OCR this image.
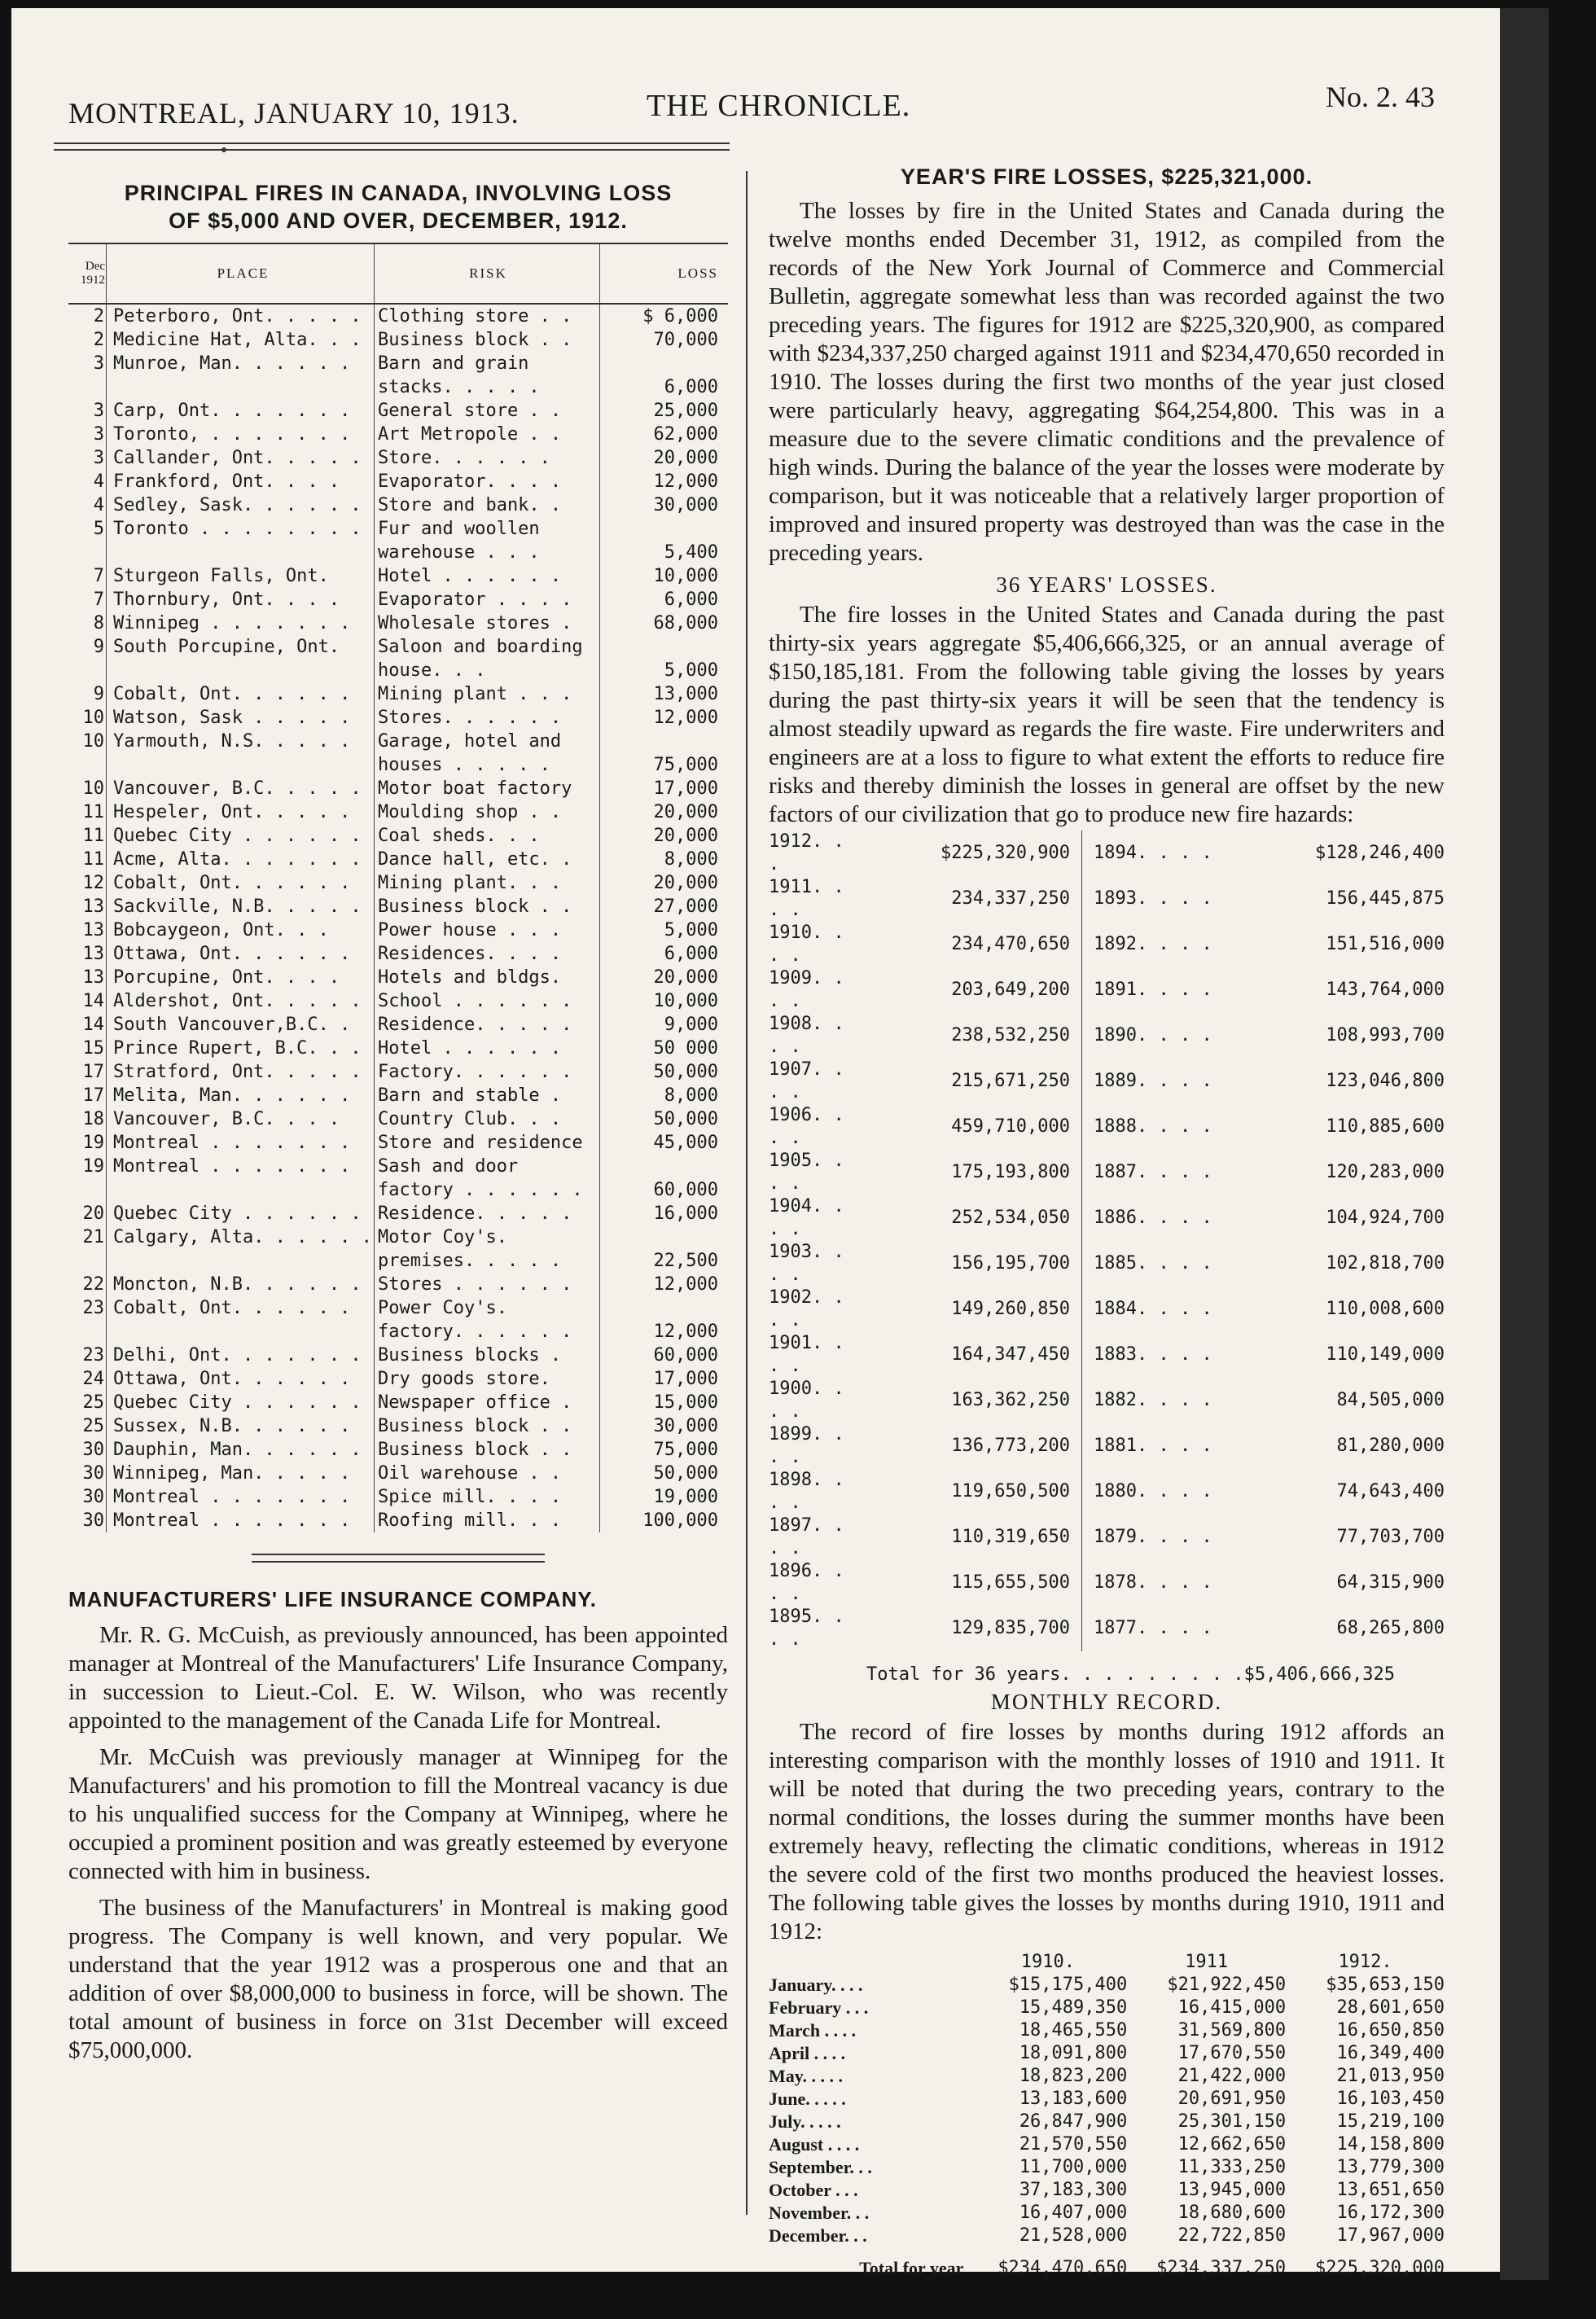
MONTREAL, JANUARY 10, 1913.	THE CHRONICLE.	No. 2. 43
PRINCIPAL FIRES IN CANADA, INVOLVING LOSS
OF $5,000 AND OVER, DECEMBER, 1912.
Dec 1912	PLACE	RISK	LOSS
2	Peterboro, Ont. . . . .	Clothing store . .	$ 6,000
2	Medicine Hat, Alta. . .	Business block . .	70,000
3	Munroe, Man. . . . . .	Barn and grain stacks. . . . .	6,000
3	Carp, Ont. . . . . . .	General store . .	25,000
3	Toronto, . . . . . . .	Art Metropole . .	62,000
3	Callander, Ont. . . . .	Store. . . . . .	20,000
4	Frankford, Ont. . . .	Evaporator. . . .	12,000
4	Sedley, Sask. . . . . .	Store and bank. .	30,000
5	Toronto . . . . . . . .	Fur and woollen warehouse . . .	5,400
7	Sturgeon Falls, Ont.	Hotel . . . . . .	10,000
7	Thornbury, Ont. . . .	Evaporator . . . .	6,000
8	Winnipeg . . . . . . .	Wholesale stores .	68,000
9	South Porcupine, Ont.	Saloon and boarding house. . .	5,000
9	Cobalt, Ont. . . . . .	Mining plant . . .	13,000
10	Watson, Sask . . . . .	Stores. . . . . .	12,000
10	Yarmouth, N.S. . . . .	Garage, hotel and houses . . . . .	75,000
10	Vancouver, B.C. . . . .	Motor boat factory	17,000
11	Hespeler, Ont. . . . .	Moulding shop . .	20,000
11	Quebec City . . . . . .	Coal sheds. . .	20,000
11	Acme, Alta. . . . . . .	Dance hall, etc. .	8,000
12	Cobalt, Ont. . . . . .	Mining plant. . .	20,000
13	Sackville, N.B. . . . .	Business block . .	27,000
13	Bobcaygeon, Ont. . .	Power house . . .	5,000
13	Ottawa, Ont. . . . . .	Residences. . . .	6,000
13	Porcupine, Ont. . . .	Hotels and bldgs.	20,000
14	Aldershot, Ont. . . . .	School . . . . . .	10,000
14	South Vancouver,B.C. .	Residence. . . . .	9,000
15	Prince Rupert, B.C. . .	Hotel . . . . . .	50 000
17	Stratford, Ont. . . . .	Factory. . . . . .	50,000
17	Melita, Man. . . . . .	Barn and stable .	8,000
18	Vancouver, B.C. . . .	Country Club. . .	50,000
19	Montreal . . . . . . .	Store and residence	45,000
19	Montreal . . . . . . .	Sash and door factory . . . . . .	60,000
20	Quebec City . . . . . .	Residence. . . . .	16,000
21	Calgary, Alta. . . . . .	Motor Coy's. premises. . . . .	22,500
22	Moncton, N.B. . . . . .	Stores . . . . . .	12,000
23	Cobalt, Ont. . . . . .	Power Coy's. factory. . . . . .	12,000
23	Delhi, Ont. . . . . . .	Business blocks .	60,000
24	Ottawa, Ont. . . . . .	Dry goods store.	17,000
25	Quebec City . . . . . .	Newspaper office .	15,000
25	Sussex, N.B. . . . . .	Business block . .	30,000
30	Dauphin, Man. . . . . .	Business block . .	75,000
30	Winnipeg, Man. . . . .	Oil warehouse . .	50,000
30	Montreal . . . . . . .	Spice mill. . . .	19,000
30	Montreal . . . . . . .	Roofing mill. . .	100,000
MANUFACTURERS' LIFE INSURANCE COMPANY.

Mr. R. G. McCuish, as previously announced, has been appointed manager at Montreal of the Manufacturers' Life Insurance Company, in succession to Lieut.-Col. E. W. Wilson, who was recently appointed to the management of the Canada Life for Montreal.

Mr. McCuish was previously manager at Winnipeg for the Manufacturers' and his promotion to fill the Montreal vacancy is due to his unqualified success for the Company at Winnipeg, where he occupied a prominent position and was greatly esteemed by everyone connected with him in business.

The business of the Manufacturers' in Montreal is making good progress. The Company is well known, and very popular. We understand that the year 1912 was a prosperous one and that an addition of over $8,000,000 to business in force, will be shown. The total amount of business in force on 31st December will exceed $75,000,000.

YEAR'S FIRE LOSSES, $225,321,000.

The losses by fire in the United States and Canada during the twelve months ended December 31, 1912, as compiled from the records of the New York Journal of Commerce and Commercial Bulletin, aggregate somewhat less than was recorded against the two preceding years. The figures for 1912 are $225,320,900, as compared with $234,337,250 charged against 1911 and $234,470,650 recorded in 1910. The losses during the first two months of the year just closed were particularly heavy, aggregating $64,254,800. This was in a measure due to the severe climatic conditions and the prevalence of high winds. During the balance of the year the losses were moderate by comparison, but it was noticeable that a relatively larger proportion of improved and insured property was destroyed than was the case in the preceding years.

36 YEARS' LOSSES.

The fire losses in the United States and Canada during the past thirty-six years aggregate $5,406,666,325, or an annual average of $150,185,181. From the following table giving the losses by years during the past thirty-six years it will be seen that the tendency is almost steadily upward as regards the fire waste. Fire underwriters and engineers are at a loss to figure to what extent the efforts to reduce fire risks and thereby diminish the losses in general are offset by the new factors of our civilization that go to produce new fire hazards:

1912. . .	$225,320,900	1894. . . .	$128,246,400
1911. . . .	234,337,250	1893. . . .	156,445,875
1910. . . .	234,470,650	1892. . . .	151,516,000
1909. . . .	203,649,200	1891. . . .	143,764,000
1908. . . .	238,532,250	1890. . . .	108,993,700
1907. . . .	215,671,250	1889. . . .	123,046,800
1906. . . .	459,710,000	1888. . . .	110,885,600
1905. . . .	175,193,800	1887. . . .	120,283,000
1904. . . .	252,534,050	1886. . . .	104,924,700
1903. . . .	156,195,700	1885. . . .	102,818,700
1902. . . .	149,260,850	1884. . . .	110,008,600
1901. . . .	164,347,450	1883. . . .	110,149,000
1900. . . .	163,362,250	1882. . . .	84,505,000
1899. . . .	136,773,200	1881. . . .	81,280,000
1898. . . .	119,650,500	1880. . . .	74,643,400
1897. . . .	110,319,650	1879. . . .	77,703,700
1896. . . .	115,655,500	1878. . . .	64,315,900
1895. . . .	129,835,700	1877. . . .	68,265,800
Total for 36 years. . . . . . . . .$5,406,666,325
MONTHLY RECORD.

The record of fire losses by months during 1912 affords an interesting comparison with the monthly losses of 1910 and 1911. It will be noted that during the two preceding years, contrary to the normal conditions, the losses during the summer months have been extremely heavy, reflecting the climatic conditions, whereas in 1912 the severe cold of the first two months produced the heaviest losses. The following table gives the losses by months during 1910, 1911 and 1912:

	1910.	1911	1912.
January. . . .	$15,175,400	$21,922,450	$35,653,150
February . . .	15,489,350	16,415,000	28,601,650
March . . . .	18,465,550	31,569,800	16,650,850
April . . . .	18,091,800	17,670,550	16,349,400
May. . . . .	18,823,200	21,422,000	21,013,950
June. . . . .	13,183,600	20,691,950	16,103,450
July. . . . .	26,847,900	25,301,150	15,219,100
August . . . .	21,570,550	12,662,650	14,158,800
September. . .	11,700,000	11,333,250	13,779,300
October . . .	37,183,300	13,945,000	13,651,650
November. . .	16,407,000	18,680,600	16,172,300
December. . .	21,528,000	22,722,850	17,967,000
Total for year	$234,470,650	$234,337,250	$225,320,000
